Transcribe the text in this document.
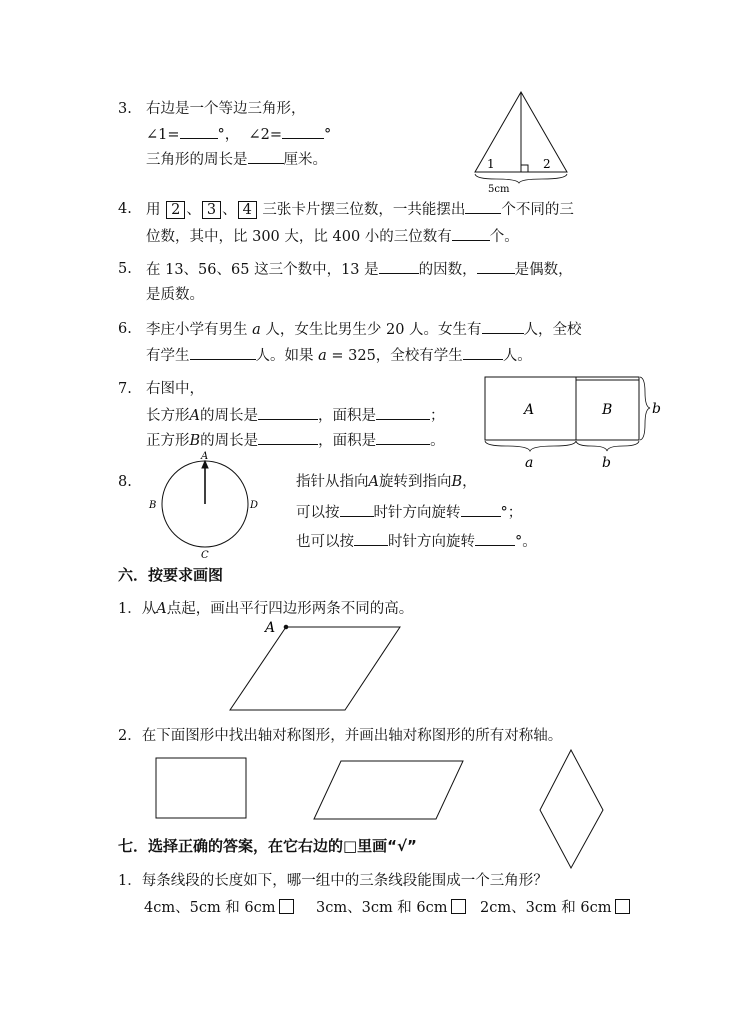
3. 右边是一个等边三角形，
∠1=	°， ∠2=	°
三角形的周长是 厘米。
4. 用 2 、 3 、 4 三张卡片摆三位数，一共能摆出 个不同的三
位数，其中，比 300 大，比 400 小的三位数有	个。
5. 在 13、56、65 这三个数中，13 是	的因数，	是偶数，
是质数。
6. 李庄小学有男生 a 人，女生比男生少 20 人。女生有	人，全校
有学生	人。如果 a = 325，全校有学生	人。
7. 右图中，
长方形A的周长是	，面积是	；
正方形B的周长是	，面积是	。
8.	指针从指向A旋转到指向B，
可以按 时针方向旋转	°；
也可以按 时针方向旋转	°。
六．按要求画图
1．从A点起，画出平行四边形两条不同的高。
2．在下面图形中找出轴对称图形，并画出轴对称图形的所有对称轴。
七．选择正确的答案，在它右边的□里画“√”
1．每条线段的长度如下，哪一组中的三条线段能围成一个三角形？
4cm、5cm 和 6cm	3cm、3cm 和 6cm	2cm、3cm 和 6cm
1	2
5cm
A	B
a	b
b
A
B
C
D
A
